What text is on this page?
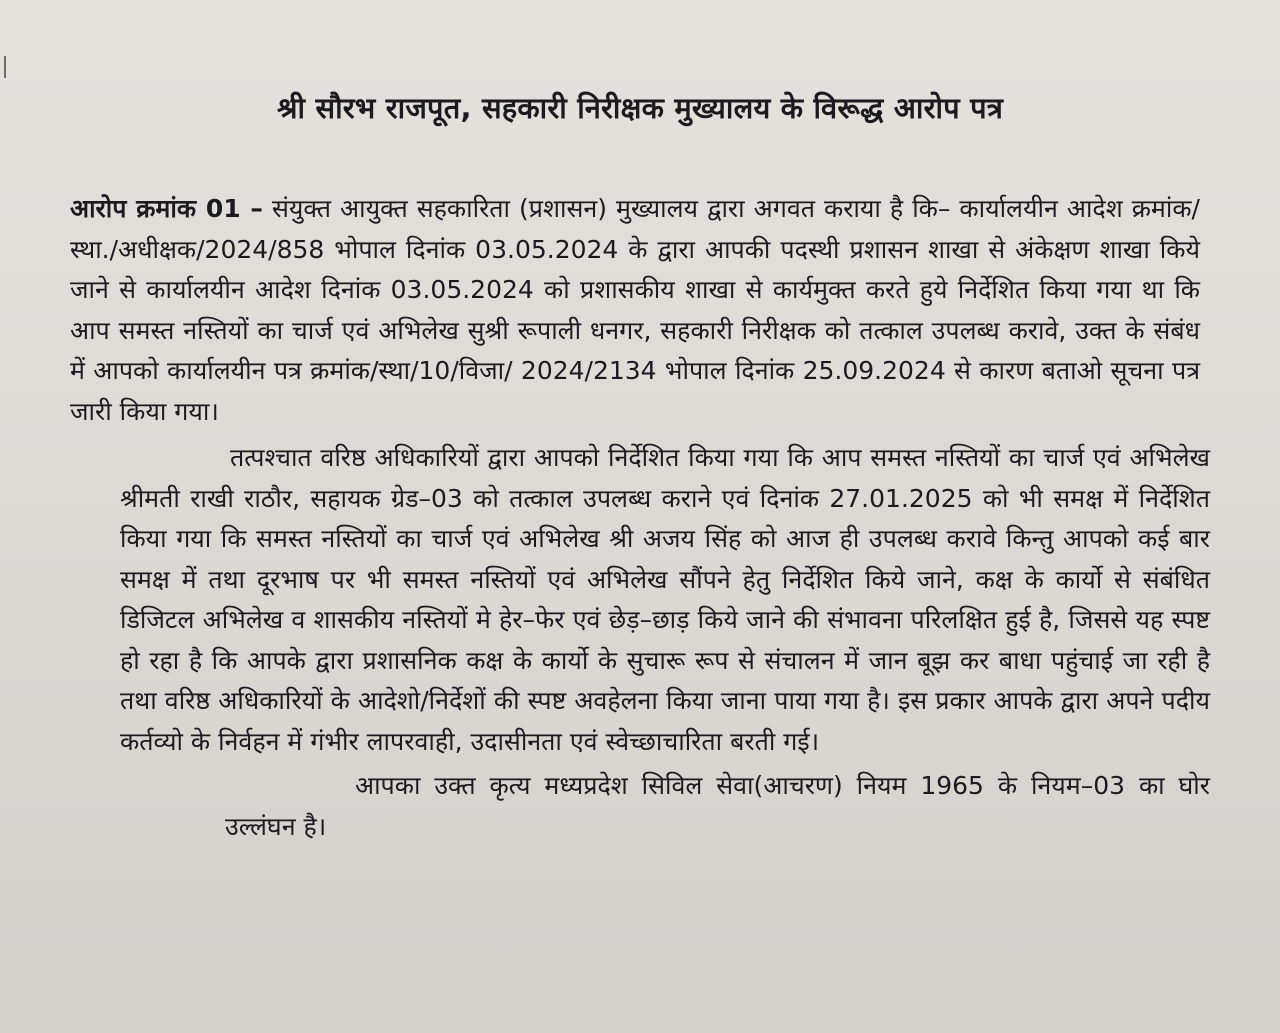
श्री सौरभ राजपूत, सहकारी निरीक्षक मुख्यालय के विरूद्ध आरोप पत्र

आरोप क्रमांक 01 – संयुक्त आयुक्त सहकारिता (प्रशासन) मुख्यालय द्वारा अगवत कराया है कि– कार्यालयीन आदेश क्रमांक/स्था./अधीक्षक/2024/858 भोपाल दिनांक 03.05.2024 के द्वारा आपकी पदस्थी प्रशासन शाखा से अंकेक्षण शाखा किये जाने से कार्यालयीन आदेश दिनांक 03.05.2024 को प्रशासकीय शाखा से कार्यमुक्त करते हुये निर्देशित किया गया था कि आप समस्त नस्तियों का चार्ज एवं अभिलेख सुश्री रूपाली धनगर, सहकारी निरीक्षक को तत्काल उपलब्ध करावे, उक्त के संबंध में आपको कार्यालयीन पत्र क्रमांक/स्था/10/विजा/ 2024/2134 भोपाल दिनांक 25.09.2024 से कारण बताओ सूचना पत्र जारी किया गया।

तत्पश्चात वरिष्ठ अधिकारियों द्वारा आपको निर्देशित किया गया कि आप समस्त नस्तियों का चार्ज एवं अभिलेख श्रीमती राखी राठौर, सहायक ग्रेड–03 को तत्काल उपलब्ध कराने एवं दिनांक 27.01.2025 को भी समक्ष में निर्देशित किया गया कि समस्त नस्तियों का चार्ज एवं अभिलेख श्री अजय सिंह को आज ही उपलब्ध करावे किन्तु आपको कई बार समक्ष में तथा दूरभाष पर भी समस्त नस्तियों एवं अभिलेख सौंपने हेतु निर्देशित किये जाने, कक्ष के कार्यो से संबंधित डिजिटल अभिलेख व शासकीय नस्तियों मे हेर–फेर एवं छेड़–छाड़ किये जाने की संभावना परिलक्षित हुई है, जिससे यह स्पष्ट हो रहा है कि आपके द्वारा प्रशासनिक कक्ष के कार्यो के सुचारू रूप से संचालन में जान बूझ कर बाधा पहुंचाई जा रही है तथा वरिष्ठ अधिकारियों के आदेशो/निर्देशों की स्पष्ट अवहेलना किया जाना पाया गया है। इस प्रकार आपके द्वारा अपने पदीय कर्तव्यो के निर्वहन में गंभीर लापरवाही, उदासीनता एवं स्वेच्छाचारिता बरती गई।

आपका उक्त कृत्य मध्यप्रदेश सिविल सेवा(आचरण) नियम 1965 के नियम–03 का घोर उल्लंघन है।
